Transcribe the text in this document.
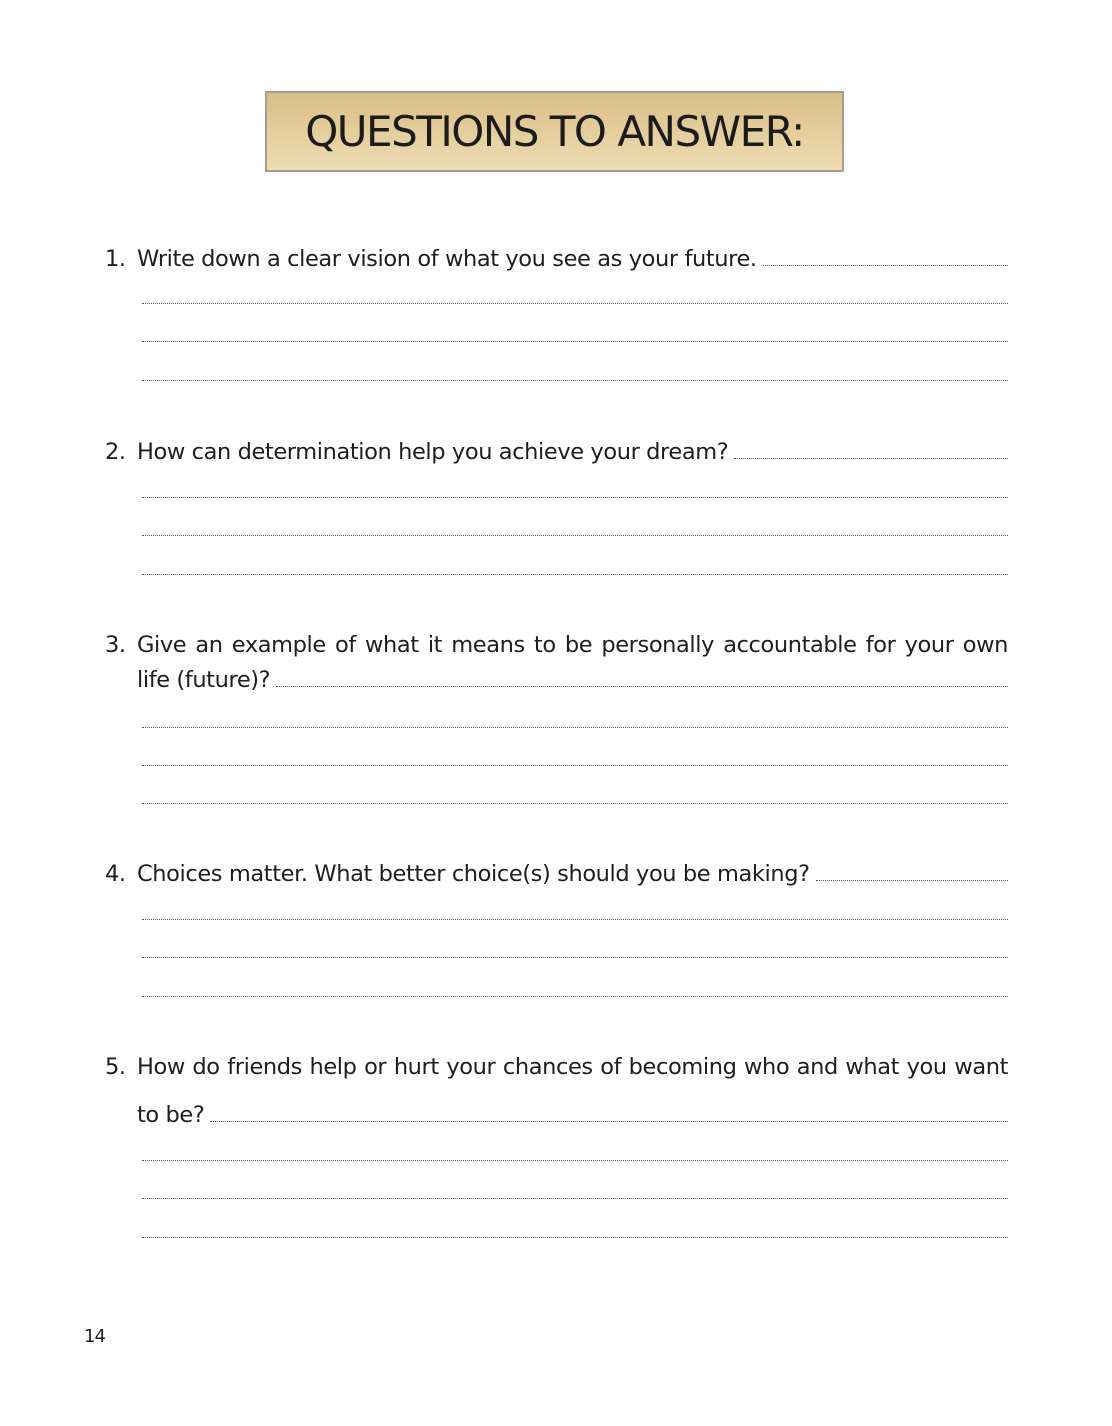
QUESTIONS TO ANSWER:
1. Write down a clear vision of what you see as your future.
2. How can determination help you achieve your dream?
3. Give an example of what it means to be personally accountable for your own
life (future)?
4. Choices matter. What better choice(s) should you be making?
5. How do friends help or hurt your chances of becoming who and what you want
to be?
14
